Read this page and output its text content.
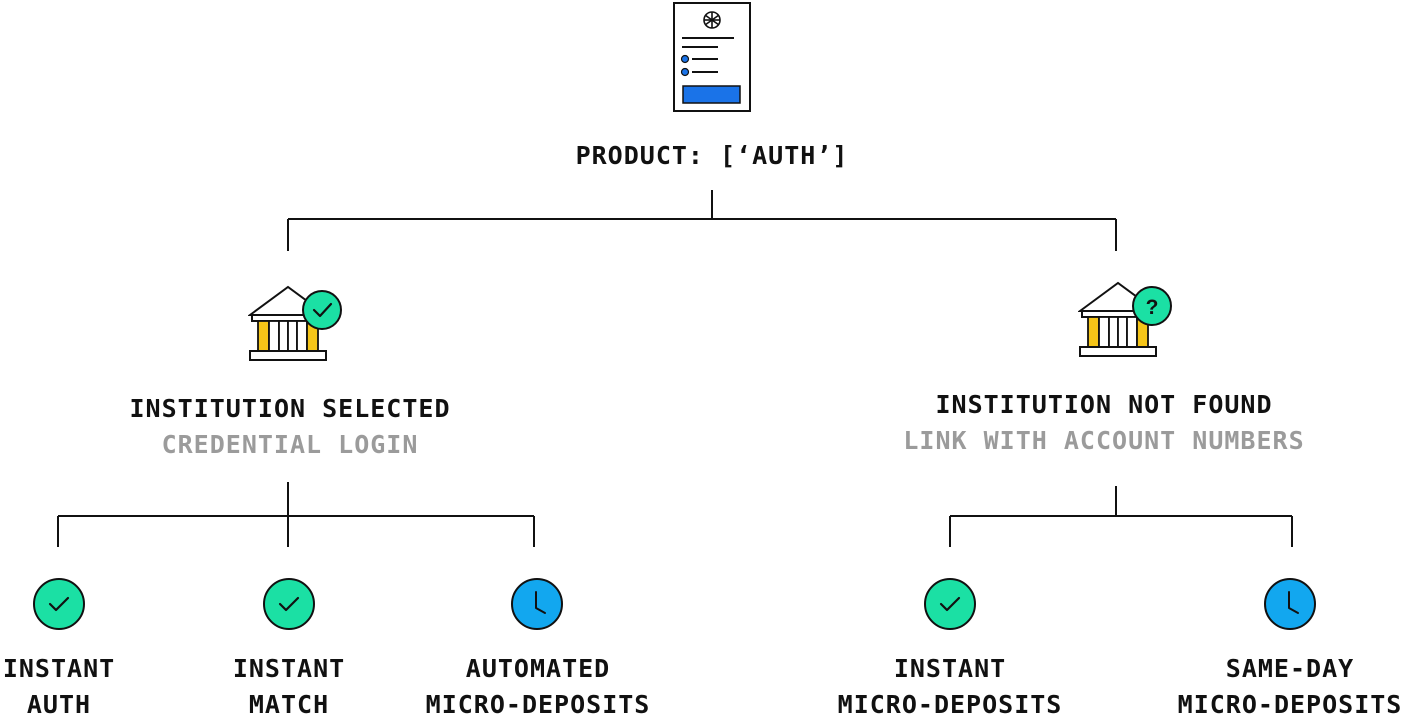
PRODUCT: [‘AUTH’]

INSTITUTION SELECTED
CREDENTIAL LOGIN

?

INSTITUTION NOT FOUND
LINK WITH ACCOUNT NUMBERS

INSTANT
AUTH

INSTANT
MATCH

AUTOMATED
MICRO-DEPOSITS

INSTANT
MICRO-DEPOSITS

SAME-DAY
MICRO-DEPOSITS
